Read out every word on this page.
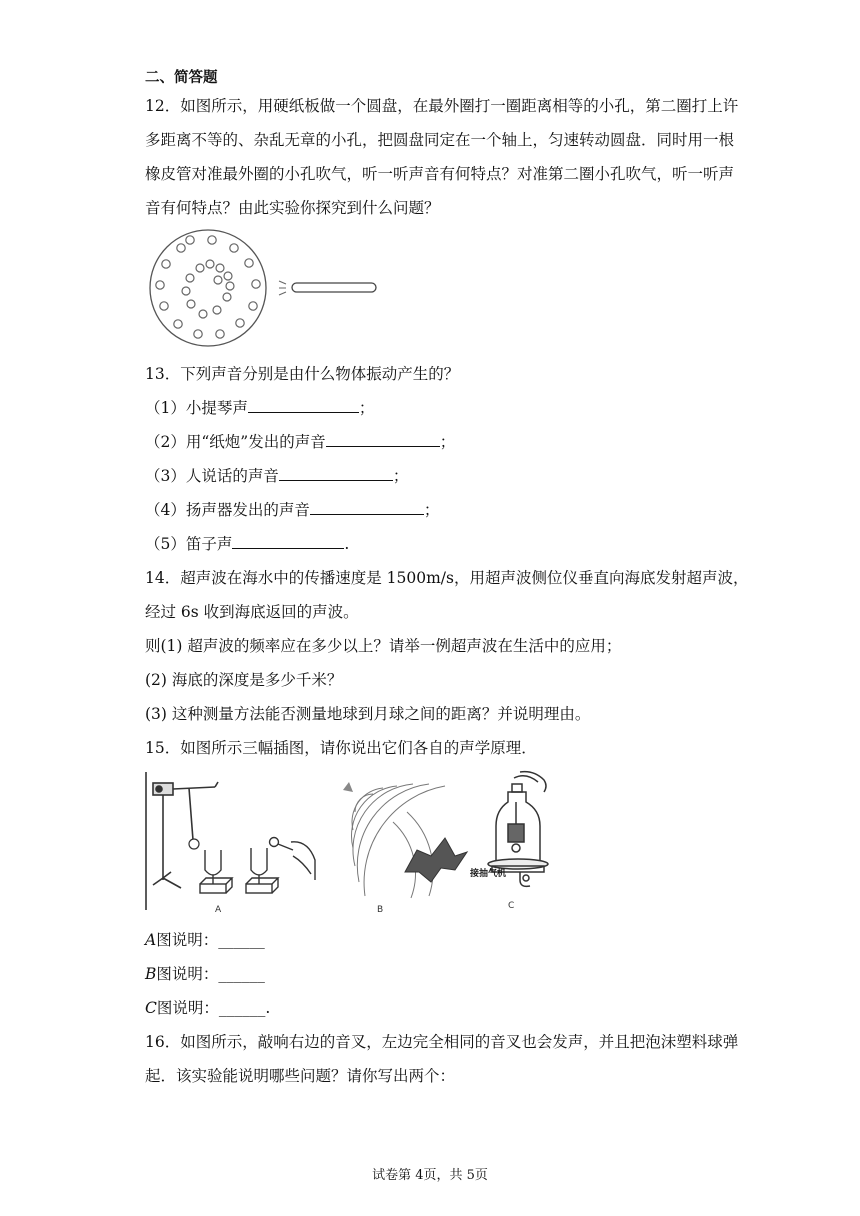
二、简答题
12．如图所示，用硬纸板做一个圆盘，在最外圈打一圈距离相等的小孔，第二圈打上许
多距离不等的、杂乱无章的小孔，把圆盘同定在一个轴上，匀速转动圆盘．同时用一根
橡皮管对准最外圈的小孔吹气，听一听声音有何特点？对准第二圈小孔吹气，听一听声
音有何特点？由此实验你探究到什么问题？
13．下列声音分别是由什么物体振动产生的？
（1）小提琴声	；
（2）用“纸炮”发出的声音	；
（3）人说话的声音	；
（4）扬声器发出的声音	；
（5）笛子声	.
14．超声波在海水中的传播速度是 1500m/s，用超声波侧位仪垂直向海底发射超声波，
经过 6s 收到海底返回的声波。
则(1) 超声波的频率应在多少以上？请举一例超声波在生活中的应用；
(2) 海底的深度是多少千米？
(3) 这种测量方法能否测量地球到月球之间的距离？并说明理由。
15．如图所示三幅插图，请你说出它们各自的声学原理．
A	B
接抽气机
C
A图说明：______
B图说明：______
C图说明：______.
16．如图所示，敲响右边的音叉，左边完全相同的音叉也会发声，并且把泡沫塑料球弹
起．该实验能说明哪些问题？请你写出两个：
试卷第 4页，共 5页
